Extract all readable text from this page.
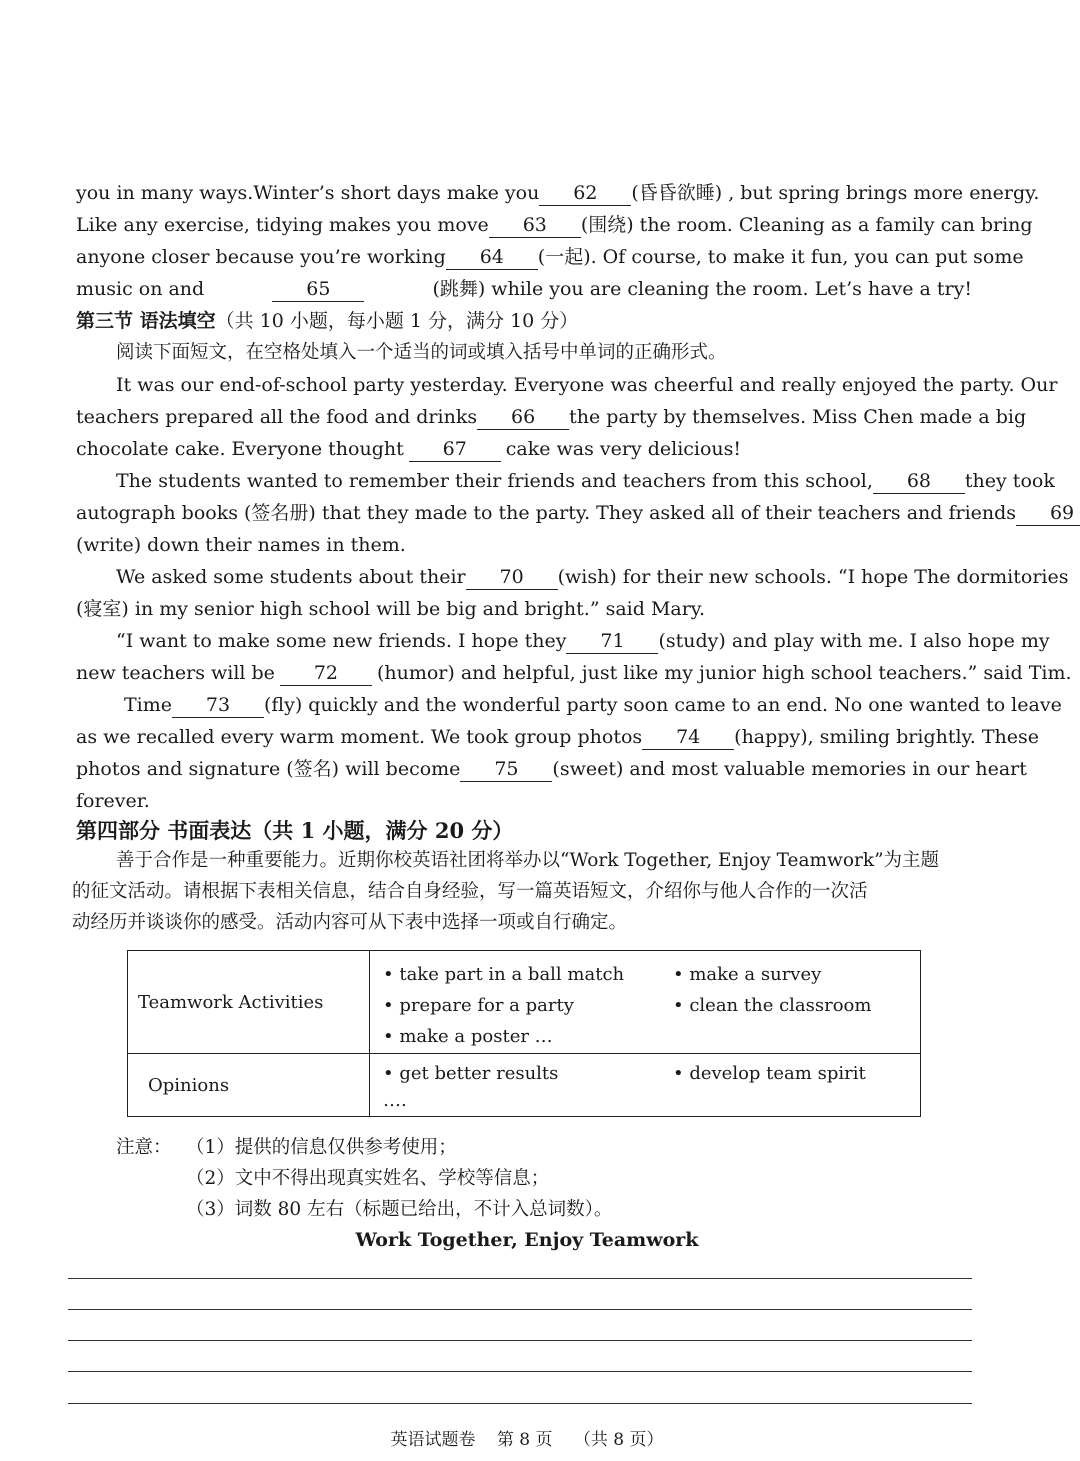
you in many ways.Winter’s short days make you	62	(昏昏欲睡) , but spring brings more energy.
Like any exercise, tidying makes you move	63	(围绕) the room. Cleaning as a family can bring
anyone closer because you’re working	64	(一起). Of course, to make it fun, you can put some
music on and	65	(跳舞) while you are cleaning the room. Let’s have a try!
第三节 语法填空（共 10 小题，每小题 1 分，满分 10 分）
阅读下面短文，在空格处填入一个适当的词或填入括号中单词的正确形式。
It was our end-of-school party yesterday. Everyone was cheerful and really enjoyed the party. Our
teachers prepared all the food and drinks	66	the party by themselves. Miss Chen made a big
chocolate cake. Everyone thought	67	cake was very delicious!
The students wanted to remember their friends and teachers from this school,	68	they took
autograph books (签名册) that they made to the party. They asked all of their teachers and friends	69
(write) down their names in them.
We asked some students about their	70	(wish) for their new schools. “I hope The dormitories
(寝室) in my senior high school will be big and bright.” said Mary.
“I want to make some new friends. I hope they	71	(study) and play with me. I also hope my
new teachers will be	72	(humor) and helpful, just like my junior high school teachers.” said Tim.
Time	73	(fly) quickly and the wonderful party soon came to an end. No one wanted to leave
as we recalled every warm moment. We took group photos	74	(happy), smiling brightly. These
photos and signature (签名) will become	75	(sweet) and most valuable memories in our heart
forever.
第四部分 书面表达（共 1 小题，满分 20 分）
善于合作是一种重要能力。近期你校英语社团将举办以“Work Together, Enjoy Teamwork”为主题
的征文活动。请根据下表相关信息，结合自身经验，写一篇英语短文，介绍你与他人合作的一次活
动经历并谈谈你的感受。活动内容可从下表中选择一项或自行确定。
Teamwork Activities	• take part in a ball match • make a survey
• prepare for a party • clean the classroom
• make a poster …

Opinions	• get better results • develop team spirit
….
注意： （1）提供的信息仅供参考使用；
（2）文中不得出现真实姓名、学校等信息；
（3）词数 80 左右（标题已给出，不计入总词数）。
Work Together, Enjoy Teamwork
英语试题卷 第 8 页 （共 8 页）
